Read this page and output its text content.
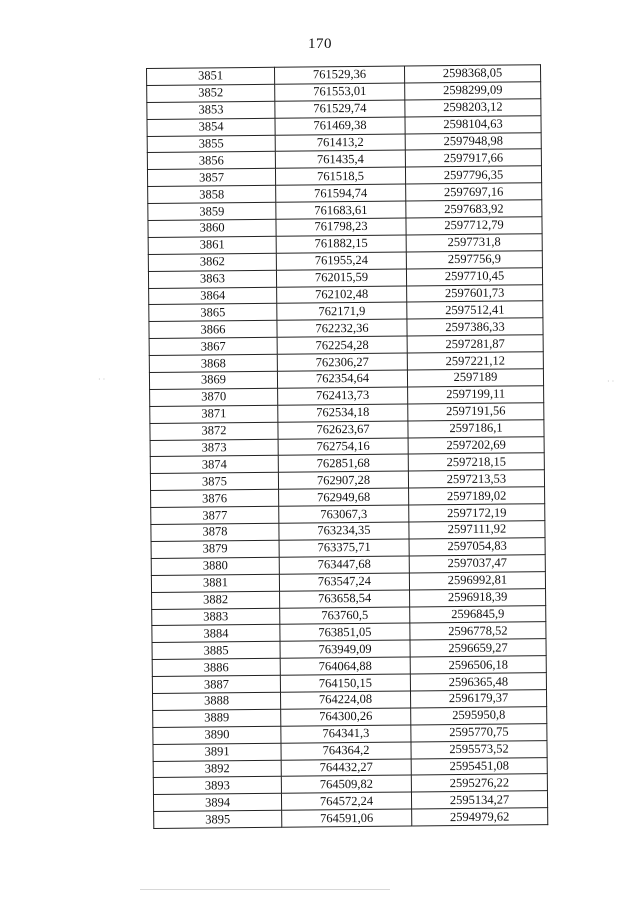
170
3851	761529,36	2598368,05
3852	761553,01	2598299,09
3853	761529,74	2598203,12
3854	761469,38	2598104,63
3855	761413,2	2597948,98
3856	761435,4	2597917,66
3857	761518,5	2597796,35
3858	761594,74	2597697,16
3859	761683,61	2597683,92
3860	761798,23	2597712,79
3861	761882,15	2597731,8
3862	761955,24	2597756,9
3863	762015,59	2597710,45
3864	762102,48	2597601,73
3865	762171,9	2597512,41
3866	762232,36	2597386,33
3867	762254,28	2597281,87
3868	762306,27	2597221,12
3869	762354,64	2597189
3870	762413,73	2597199,11
3871	762534,18	2597191,56
3872	762623,67	2597186,1
3873	762754,16	2597202,69
3874	762851,68	2597218,15
3875	762907,28	2597213,53
3876	762949,68	2597189,02
3877	763067,3	2597172,19
3878	763234,35	2597111,92
3879	763375,71	2597054,83
3880	763447,68	2597037,47
3881	763547,24	2596992,81
3882	763658,54	2596918,39
3883	763760,5	2596845,9
3884	763851,05	2596778,52
3885	763949,09	2596659,27
3886	764064,88	2596506,18
3887	764150,15	2596365,48
3888	764224,08	2596179,37
3889	764300,26	2595950,8
3890	764341,3	2595770,75
3891	764364,2	2595573,52
3892	764432,27	2595451,08
3893	764509,82	2595276,22
3894	764572,24	2595134,27
3895	764591,06	2594979,62
· ·	· ·
